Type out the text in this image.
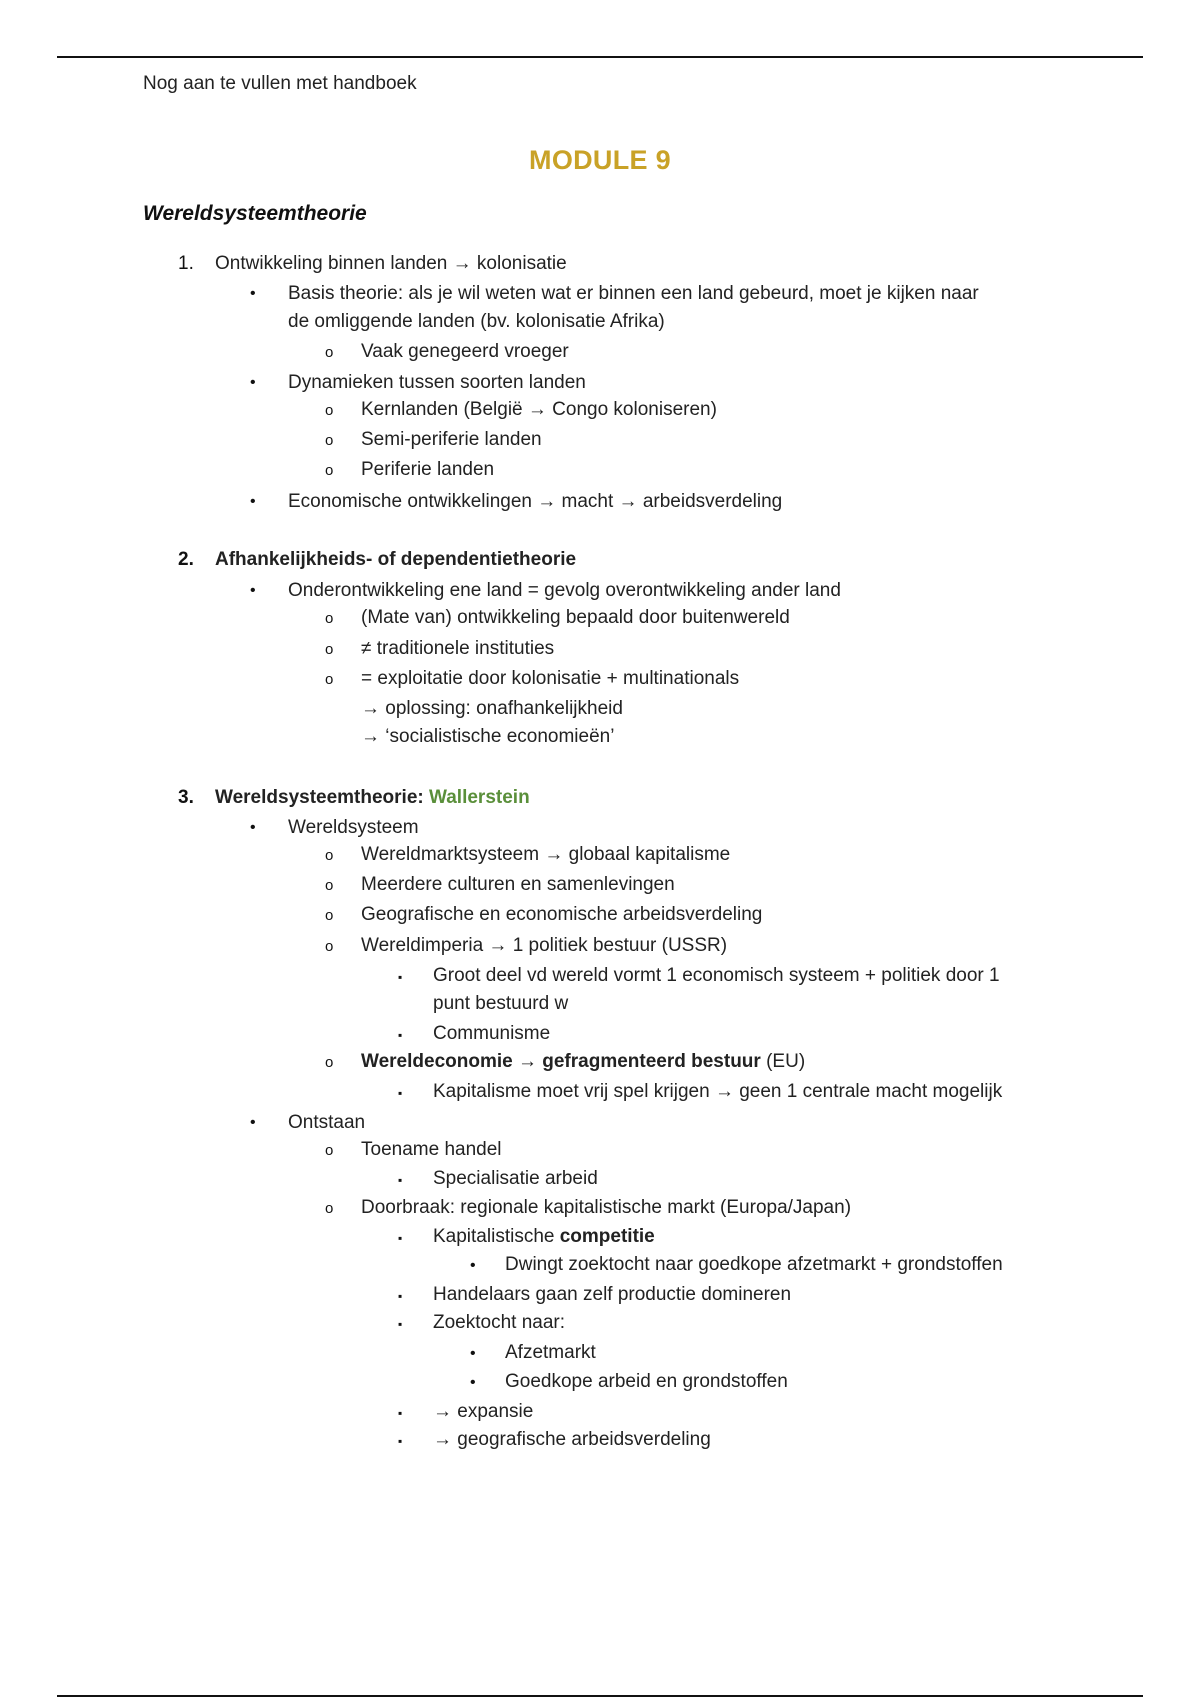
Nog aan te vullen met handboek
MODULE 9
Wereldsysteemtheorie
1. Ontwikkeling binnen landen → kolonisatie
• Basis theorie: als je wil weten wat er binnen een land gebeurd, moet je kijken naar
de omliggende landen (bv. kolonisatie Afrika)
o Vaak genegeerd vroeger
• Dynamieken tussen soorten landen
o Kernlanden (België → Congo koloniseren)
o Semi-periferie landen
o Periferie landen
• Economische ontwikkelingen → macht → arbeidsverdeling
2. Afhankelijkheids- of dependentietheorie
• Onderontwikkeling ene land = gevolg overontwikkeling ander land
o (Mate van) ontwikkeling bepaald door buitenwereld
o ≠ traditionele instituties
o = exploitatie door kolonisatie + multinationals
→ oplossing: onafhankelijkheid
→ ‘socialistische economieën’
3. Wereldsysteemtheorie: Wallerstein
• Wereldsysteem
o Wereldmarktsysteem → globaal kapitalisme
o Meerdere culturen en samenlevingen
o Geografische en economische arbeidsverdeling
o Wereldimperia → 1 politiek bestuur (USSR)
▪ Groot deel vd wereld vormt 1 economisch systeem + politiek door 1
punt bestuurd w
▪ Communisme
o Wereldeconomie → gefragmenteerd bestuur (EU)
▪ Kapitalisme moet vrij spel krijgen → geen 1 centrale macht mogelijk
• Ontstaan
o Toename handel
▪ Specialisatie arbeid
o Doorbraak: regionale kapitalistische markt (Europa/Japan)
▪ Kapitalistische competitie
• Dwingt zoektocht naar goedkope afzetmarkt + grondstoffen
▪ Handelaars gaan zelf productie domineren
▪ Zoektocht naar:
• Afzetmarkt
• Goedkope arbeid en grondstoffen
▪ → expansie
▪ → geografische arbeidsverdeling
